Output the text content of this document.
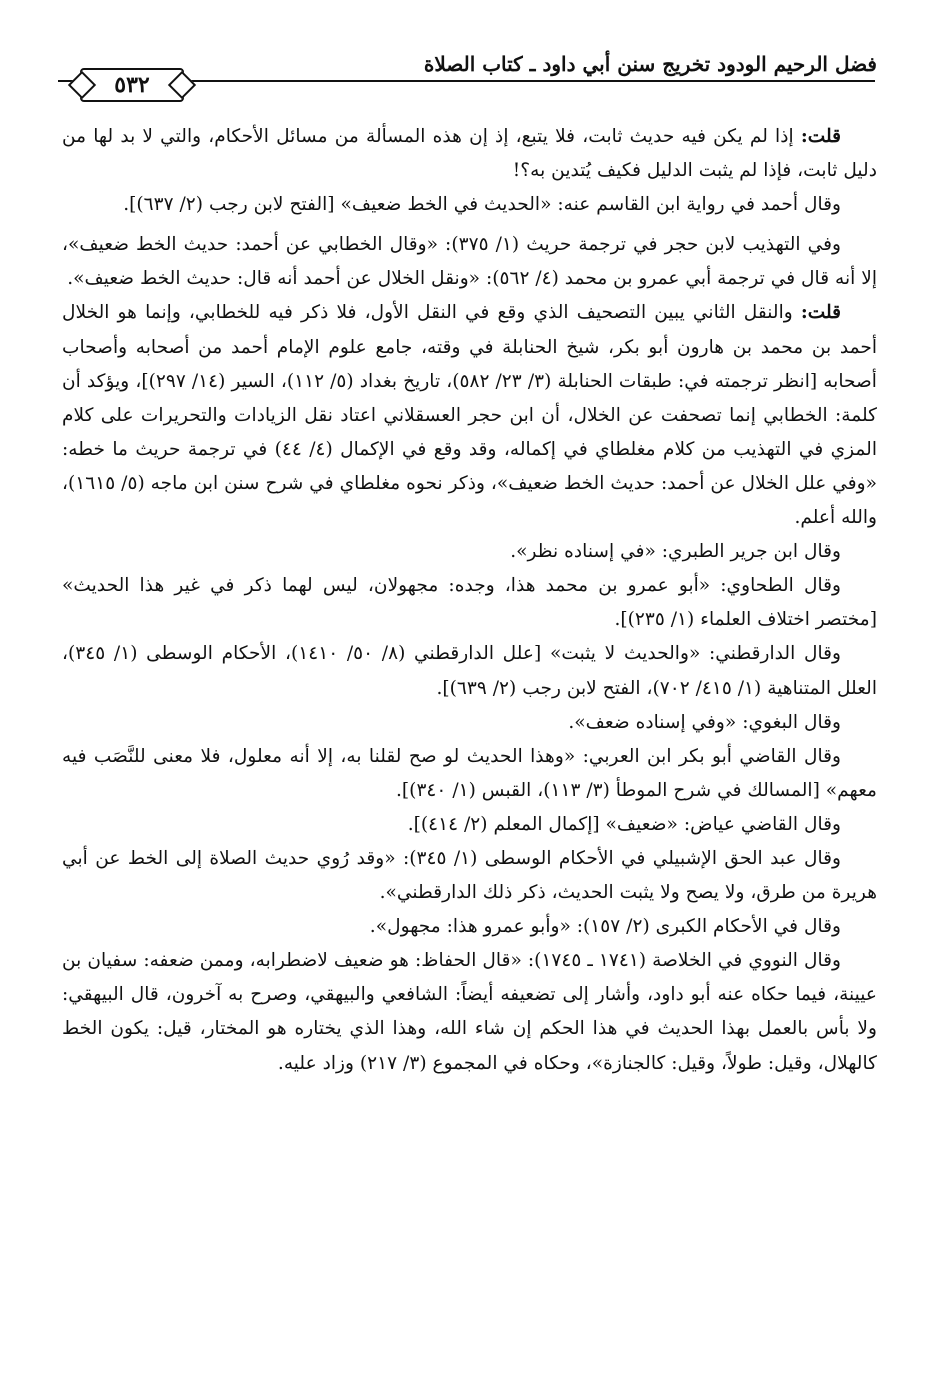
فضل الرحيم الودود تخريج سنن أبي داود ـ كتاب الصلاة
٥٣٢

قلت: إذا لم يكن فيه حديث ثابت، فلا يتبع، إذ إن هذه المسألة من مسائل الأحكام، والتي لا بد لها من دليل ثابت، فإذا لم يثبت الدليل فكيف يُتدين به؟!

وقال أحمد في رواية ابن القاسم عنه: «الحديث في الخط ضعيف» [الفتح لابن رجب (٢/ ٦٣٧)].

وفي التهذيب لابن حجر في ترجمة حريث (١/ ٣٧٥): «وقال الخطابي عن أحمد: حديث الخط ضعيف»، إلا أنه قال في ترجمة أبي عمرو بن محمد (٤/ ٥٦٢): «ونقل الخلال عن أحمد أنه قال: حديث الخط ضعيف».

قلت: والنقل الثاني يبين التصحيف الذي وقع في النقل الأول، فلا ذكر فيه للخطابي، وإنما هو الخلال أحمد بن محمد بن هارون أبو بكر، شيخ الحنابلة في وقته، جامع علوم الإمام أحمد من أصحابه وأصحاب أصحابه [انظر ترجمته في: طبقات الحنابلة (٣/ ٢٣/ ٥٨٢)، تاريخ بغداد (٥/ ١١٢)، السير (١٤/ ٢٩٧)]، ويؤكد أن كلمة: الخطابي إنما تصحفت عن الخلال، أن ابن حجر العسقلاني اعتاد نقل الزيادات والتحريرات على كلام المزي في التهذيب من كلام مغلطاي في إكماله، وقد وقع في الإكمال (٤/ ٤٤) في ترجمة حريث ما خطه: «وفي علل الخلال عن أحمد: حديث الخط ضعيف»، وذكر نحوه مغلطاي في شرح سنن ابن ماجه (٥/ ١٦١٥)، والله أعلم.

وقال ابن جرير الطبري: «في إسناده نظر».

وقال الطحاوي: «أبو عمرو بن محمد هذا، وجده: مجهولان، ليس لهما ذكر في غير هذا الحديث» [مختصر اختلاف العلماء (١/ ٢٣٥)].

وقال الدارقطني: «والحديث لا يثبت» [علل الدارقطني (٨/ ٥٠/ ١٤١٠)، الأحكام الوسطى (١/ ٣٤٥)، العلل المتناهية (١/ ٤١٥/ ٧٠٢)، الفتح لابن رجب (٢/ ٦٣٩)].

وقال البغوي: «وفي إسناده ضعف».

وقال القاضي أبو بكر ابن العربي: «وهذا الحديث لو صح لقلنا به، إلا أنه معلول، فلا معنى للنَّصَب فيه معهم» [المسالك في شرح الموطأ (٣/ ١١٣)، القبس (١/ ٣٤٠)].

وقال القاضي عياض: «ضعيف» [إكمال المعلم (٢/ ٤١٤)].

وقال عبد الحق الإشبيلي في الأحكام الوسطى (١/ ٣٤٥): «وقد رُوي حديث الصلاة إلى الخط عن أبي هريرة من طرق، ولا يصح ولا يثبت الحديث، ذكر ذلك الدارقطني».

وقال في الأحكام الكبرى (٢/ ١٥٧): «وأبو عمرو هذا: مجهول».

وقال النووي في الخلاصة (١٧٤١ ـ ١٧٤٥): «قال الحفاظ: هو ضعيف لاضطرابه، وممن ضعفه: سفيان بن عيينة، فيما حكاه عنه أبو داود، وأشار إلى تضعيفه أيضاً: الشافعي والبيهقي، وصرح به آخرون، قال البيهقي: ولا بأس بالعمل بهذا الحديث في هذا الحكم إن شاء الله، وهذا الذي يختاره هو المختار، قيل: يكون الخط كالهلال، وقيل: طولاً، وقيل: كالجنازة»، وحكاه في المجموع (٣/ ٢١٧) وزاد عليه.
